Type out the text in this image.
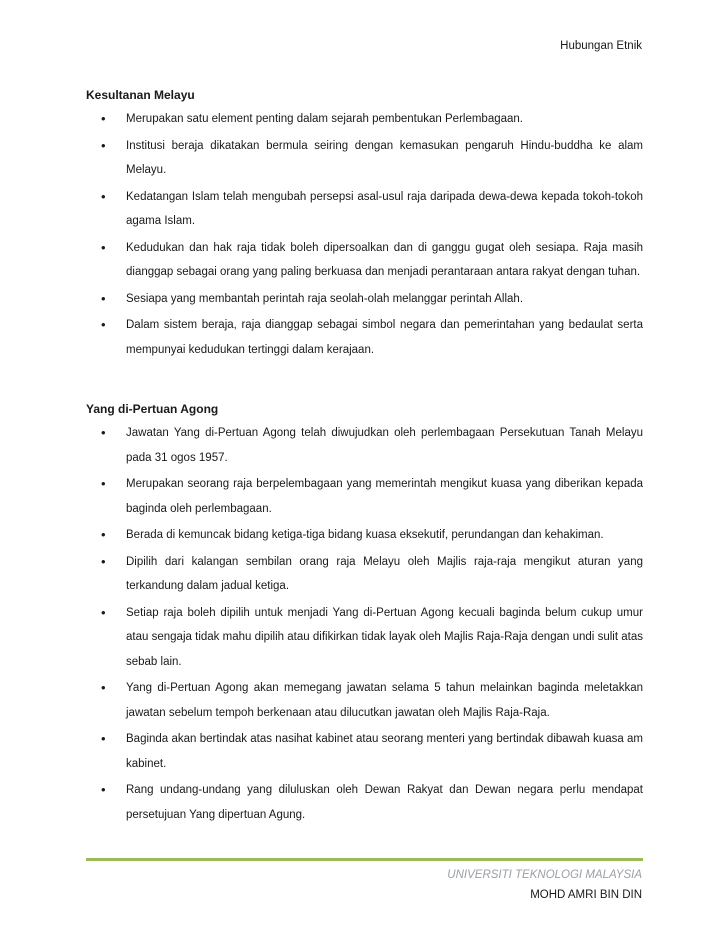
Hubungan Etnik
Kesultanan Melayu
• Merupakan satu element penting dalam sejarah pembentukan Perlembagaan.
• Institusi beraja dikatakan bermula seiring dengan kemasukan pengaruh Hindu-buddha ke alam Melayu.
• Kedatangan Islam telah mengubah persepsi asal-usul raja daripada dewa-dewa kepada tokoh-tokoh agama Islam.
• Kedudukan dan hak raja tidak boleh dipersoalkan dan di ganggu gugat oleh sesiapa. Raja masih dianggap sebagai orang yang paling berkuasa dan menjadi perantaraan antara rakyat dengan tuhan.
• Sesiapa yang membantah perintah raja seolah-olah melanggar perintah Allah.
• Dalam sistem beraja, raja dianggap sebagai simbol negara dan pemerintahan yang bedaulat serta mempunyai kedudukan tertinggi dalam kerajaan.
Yang di-Pertuan Agong
• Jawatan Yang di-Pertuan Agong telah diwujudkan oleh perlembagaan Persekutuan Tanah Melayu pada 31 ogos 1957.
• Merupakan seorang raja berpelembagaan yang memerintah mengikut kuasa yang diberikan kepada baginda oleh perlembagaan.
• Berada di kemuncak bidang ketiga-tiga bidang kuasa eksekutif, perundangan dan kehakiman.
• Dipilih dari kalangan sembilan orang raja Melayu oleh Majlis raja-raja mengikut aturan yang terkandung dalam jadual ketiga.
• Setiap raja boleh dipilih untuk menjadi Yang di-Pertuan Agong kecuali baginda belum cukup umur atau sengaja tidak mahu dipilih atau difikirkan tidak layak oleh Majlis Raja-Raja dengan undi sulit atas sebab lain.
• Yang di-Pertuan Agong akan memegang jawatan selama 5 tahun melainkan baginda meletakkan jawatan sebelum tempoh berkenaan atau dilucutkan jawatan oleh Majlis Raja-Raja.
• Baginda akan bertindak atas nasihat kabinet atau seorang menteri yang bertindak dibawah kuasa am kabinet.
• Rang undang-undang yang diluluskan oleh Dewan Rakyat dan Dewan negara perlu mendapat persetujuan Yang dipertuan Agung.
UNIVERSITI TEKNOLOGI MALAYSIA
MOHD AMRI BIN DIN
